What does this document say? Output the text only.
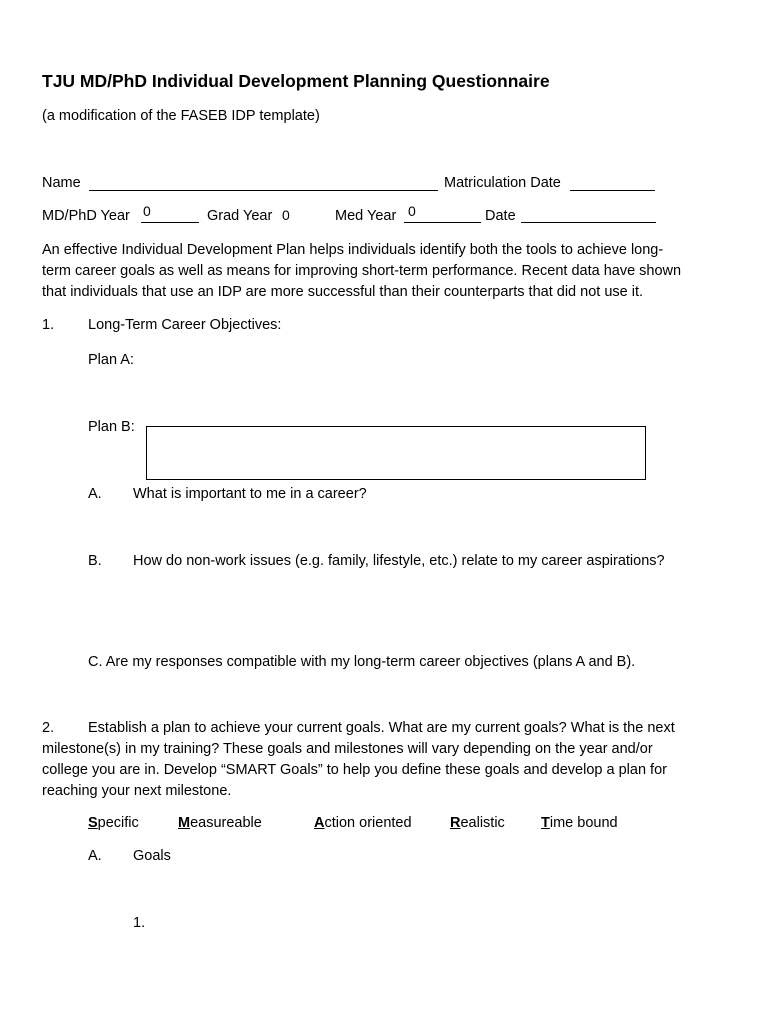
TJU MD/PhD Individual Development Planning Questionnaire
(a modification of the FASEB IDP template)
Name	Matriculation Date
MD/PhD Year 0	Grad Year 0	Med Year 0	Date
An effective Individual Development Plan helps individuals identify both the tools to achieve long-
term career goals as well as means for improving short-term performance. Recent data have shown
that individuals that use an IDP are more successful than their counterparts that did not use it.
1. Long-Term Career Objectives:
Plan A:
Plan B:
A. What is important to me in a career?
B. How do non-work issues (e.g. family, lifestyle, etc.) relate to my career aspirations?
C. Are my responses compatible with my long-term career objectives (plans A and B).
2. Establish a plan to achieve your current goals. What are my current goals? What is the next
milestone(s) in my training? These goals and milestones will vary depending on the year and/or
college you are in. Develop “SMART Goals” to help you define these goals and develop a plan for
reaching your next milestone.
Specific	Measureable	Action oriented	Realistic Time bound
A. Goals
1.
